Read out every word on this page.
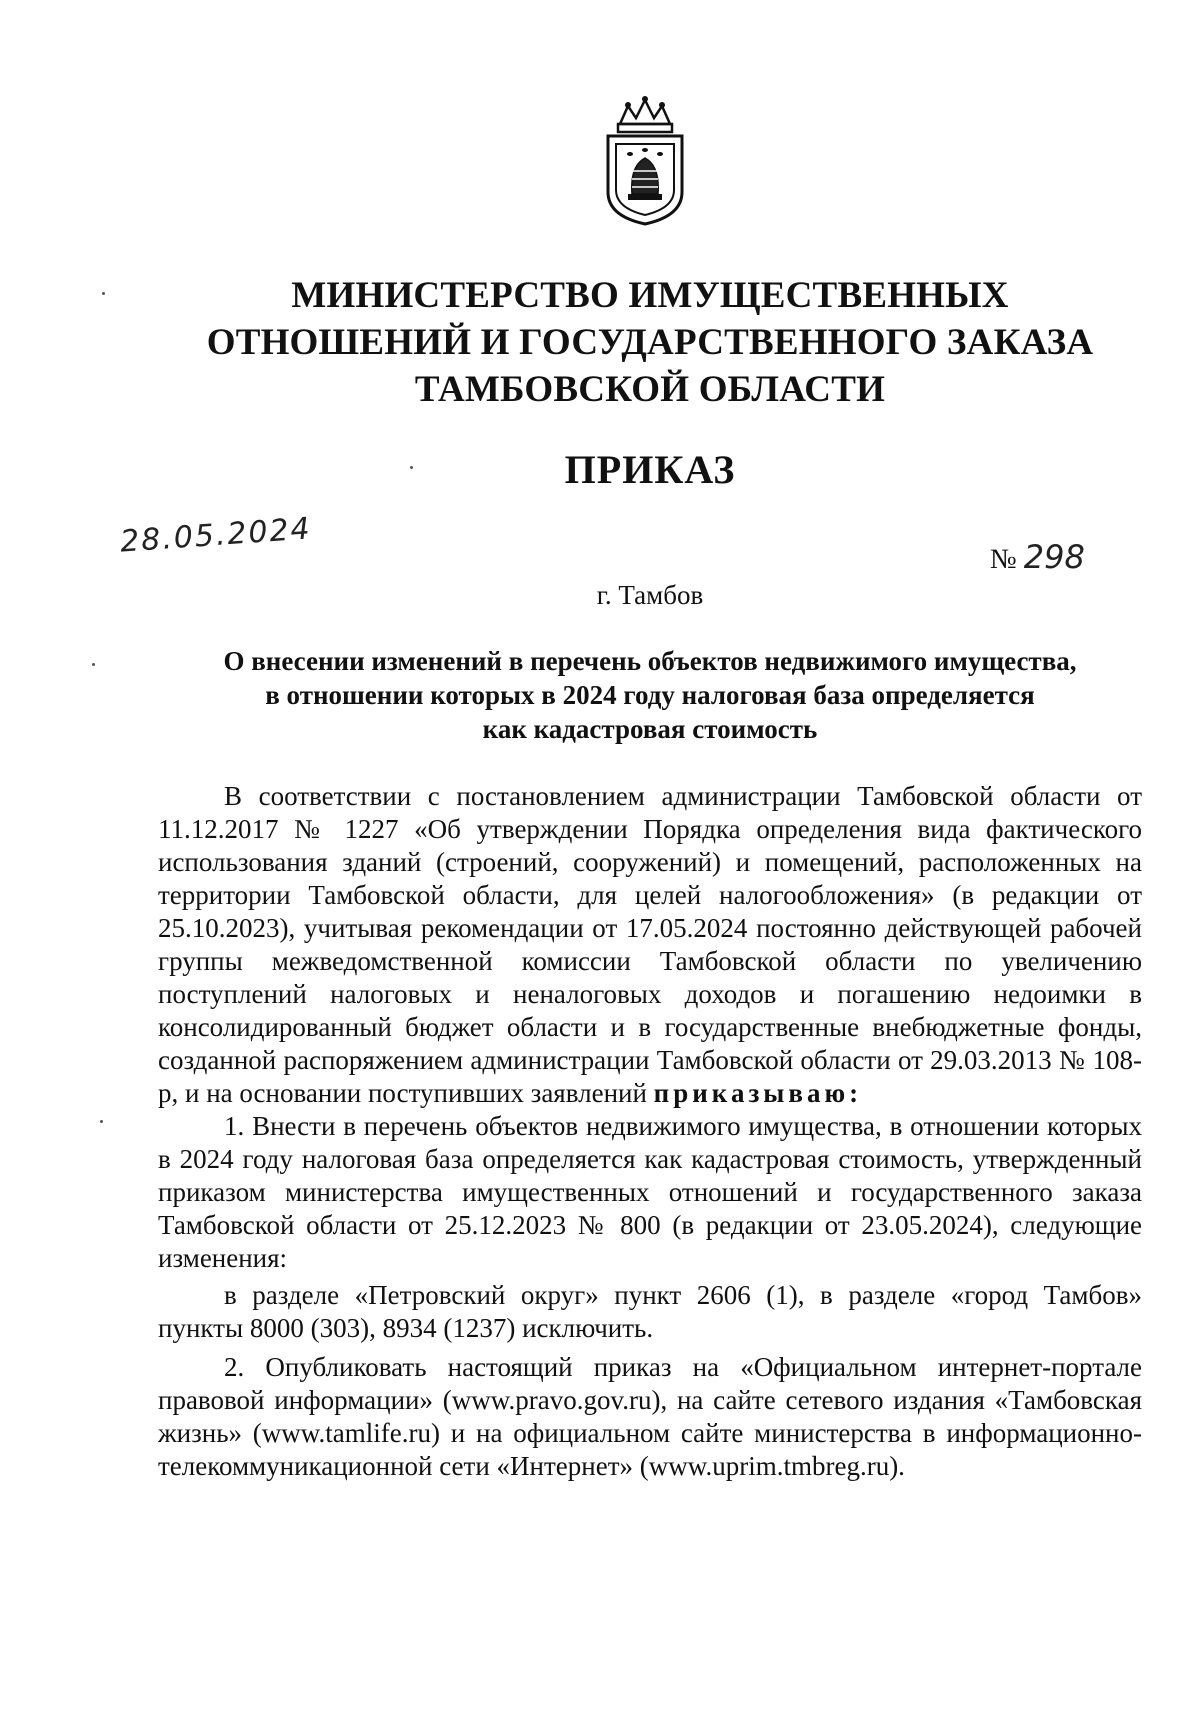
МИНИСТЕРСТВО ИМУЩЕСТВЕННЫХ
ОТНОШЕНИЙ И ГОСУДАРСТВЕННОГО ЗАКАЗА
ТАМБОВСКОЙ ОБЛАСТИ
ПРИКАЗ
28.05.2024	№ 298
г. Тамбов
О внесении изменений в перечень объектов недвижимого имущества,
в отношении которых в 2024 году налоговая база определяется
как кадастровая стоимость

В соответствии с постановлением администрации Тамбовской области от 11.12.2017 № 1227 «Об утверждении Порядка определения вида фактического использования зданий (строений, сооружений) и помещений, расположенных на территории Тамбовской области, для целей налогообложения» (в редакции от 25.10.2023), учитывая рекомендации от 17.05.2024 постоянно действующей рабочей группы межведомственной комиссии Тамбовской области по увеличению поступлений налоговых и неналоговых доходов и погашению недоимки в консолидированный бюджет области и в государственные внебюджетные фонды, созданной распоряжением администрации Тамбовской области от 29.03.2013 № 108-р, и на основании поступивших заявлений приказываю:

1. Внести в перечень объектов недвижимого имущества, в отношении которых в 2024 году налоговая база определяется как кадастровая стоимость, утвержденный приказом министерства имущественных отношений и государственного заказа Тамбовской области от 25.12.2023 № 800 (в редакции от 23.05.2024), следующие изменения:

в разделе «Петровский округ» пункт 2606 (1), в разделе «город Тамбов» пункты 8000 (303), 8934 (1237) исключить.

2. Опубликовать настоящий приказ на «Официальном интернет-портале правовой информации» (www.pravo.gov.ru), на сайте сетевого издания «Тамбовская жизнь» (www.tamlife.ru) и на официальном сайте министерства в информационно-телекоммуникационной сети «Интернет» (www.uprim.tmbreg.ru).
